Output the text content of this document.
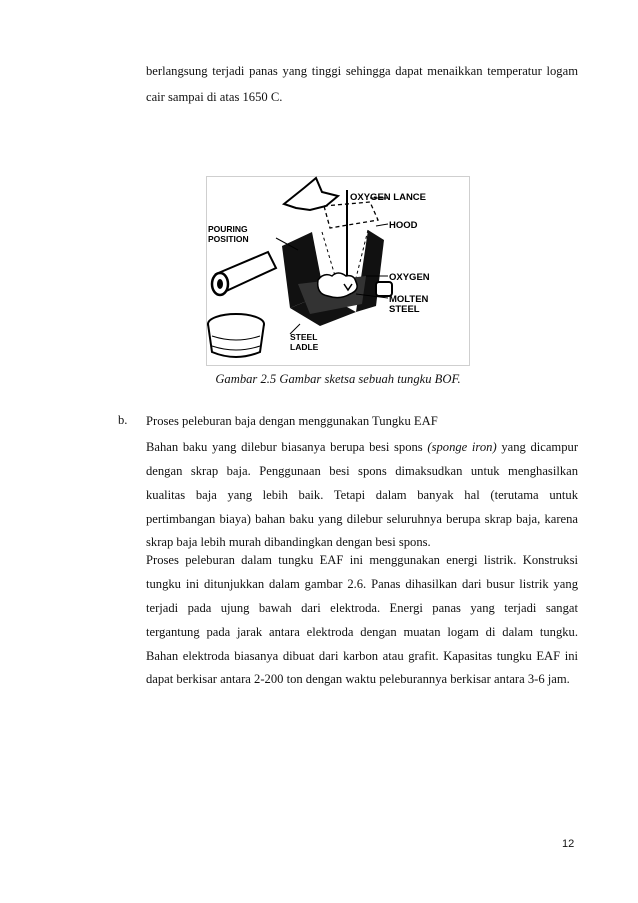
berlangsung terjadi panas yang tinggi sehingga dapat menaikkan temperatur logam
cair sampai di atas 1650 C.
OXYGEN LANCE
HOOD
POURING
POSITION
OXYGEN
MOLTEN
STEEL
STEEL
LADLE
Gambar 2.5 Gambar sketsa sebuah tungku BOF.
b. Proses peleburan baja dengan menggunakan Tungku EAF
Bahan baku yang dilebur biasanya berupa besi spons (sponge iron) yang dicampur
dengan skrap baja. Penggunaan besi spons dimaksudkan untuk menghasilkan
kualitas baja yang lebih baik. Tetapi dalam banyak hal (terutama untuk
pertimbangan biaya) bahan baku yang dilebur seluruhnya berupa skrap baja, karena
skrap baja lebih murah dibandingkan dengan besi spons.
Proses peleburan dalam tungku EAF ini menggunakan energi listrik. Konstruksi
tungku ini ditunjukkan dalam gambar 2.6. Panas dihasilkan dari busur listrik yang
terjadi pada ujung bawah dari elektroda. Energi panas yang terjadi sangat
tergantung pada jarak antara elektroda dengan muatan logam di dalam tungku.
Bahan elektroda biasanya dibuat dari karbon atau grafit. Kapasitas tungku EAF ini
dapat berkisar antara 2-200 ton dengan waktu peleburannya berkisar antara 3-6 jam.
12
